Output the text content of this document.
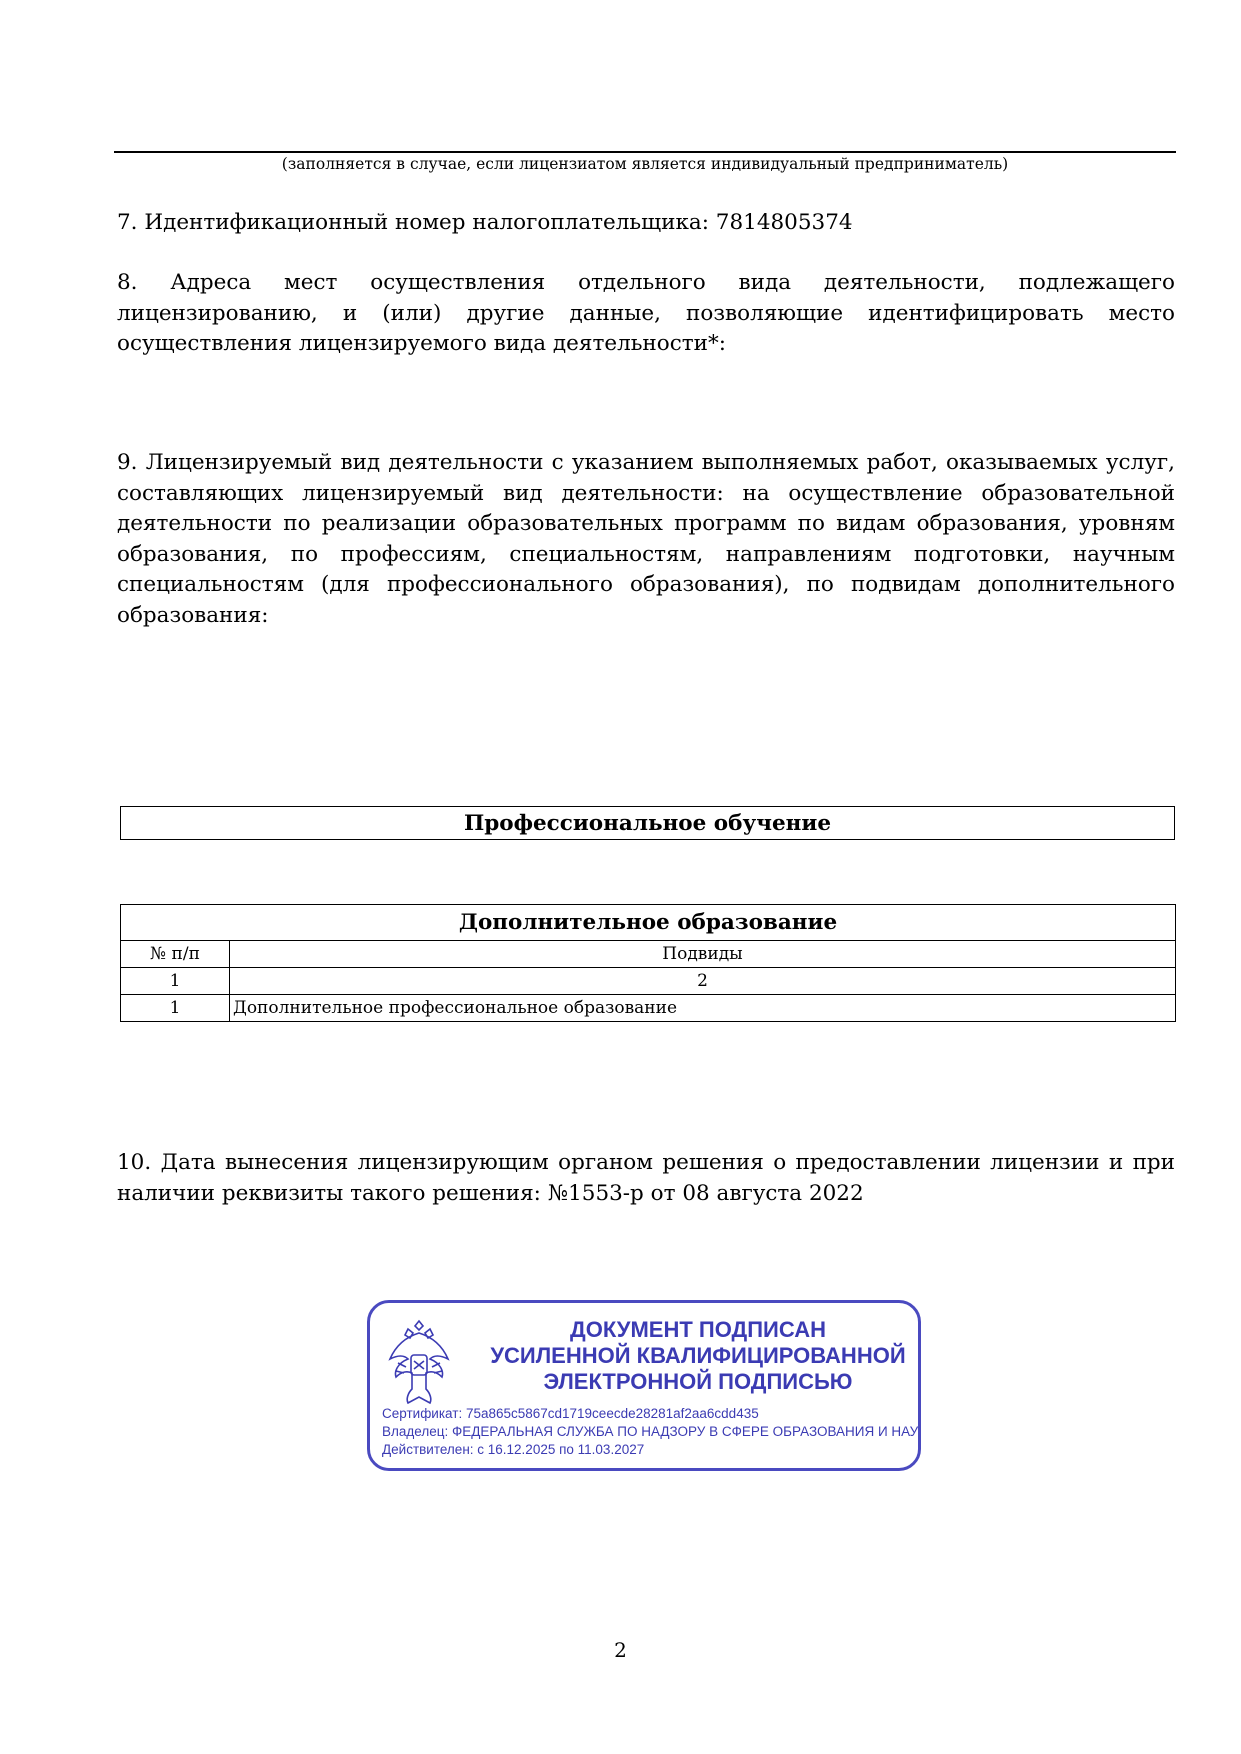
(заполняется в случае, если лицензиатом является индивидуальный предприниматель)
7. Идентификационный номер налогоплательщика: 7814805374
8. Адреса мест осуществления отдельного вида деятельности, подлежащего лицензированию, и (или) другие данные, позволяющие идентифицировать место осуществления лицензируемого вида деятельности*:
9. Лицензируемый вид деятельности с указанием выполняемых работ, оказываемых услуг, составляющих лицензируемый вид деятельности: на осуществление образовательной деятельности по реализации образовательных программ по видам образования, уровням образования, по профессиям, специальностям, направлениям подготовки, научным специальностям (для профессионального образования), по подвидам дополнительного образования:
Профессиональное обучение
Дополнительное образование	
№ п/п	Подвиды
1	2
1	Дополнительное профессиональное образование
10. Дата вынесения лицензирующим органом решения о предоставлении лицензии и при наличии реквизиты такого решения: №1553-р от 08 августа 2022
ДОКУМЕНТ ПОДПИСАН
УСИЛЕННОЙ КВАЛИФИЦИРОВАННОЙ
ЭЛЕКТРОННОЙ ПОДПИСЬЮ
Сертификат: 75a865c5867cd1719ceecde28281af2aa6cdd435
Владелец: ФЕДЕРАЛЬНАЯ СЛУЖБА ПО НАДЗОРУ В СФЕРЕ ОБРАЗОВАНИЯ И НАУ
Действителен: с 16.12.2025 по 11.03.2027
2
